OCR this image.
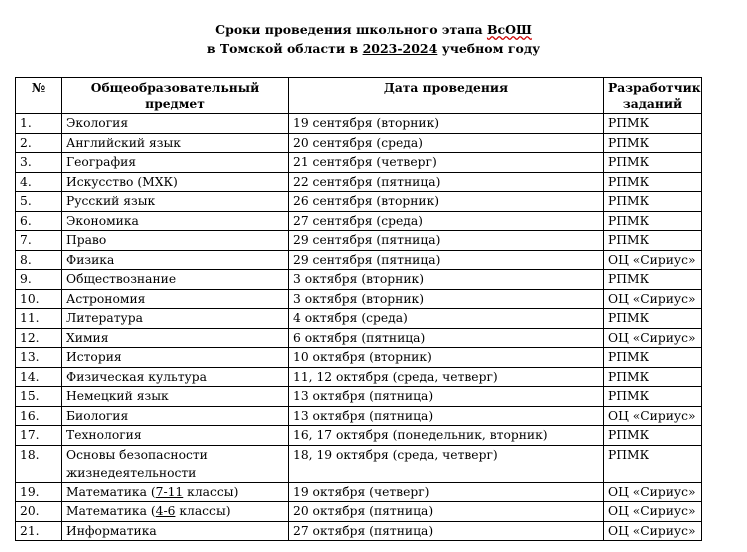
Сроки проведения школьного этапа ВсОШ
в Томской области в 2023-2024 учебном году
№	Общеобразовательный предмет	Дата проведения	Разработчик заданий
1.	Экология	19 сентября (вторник)	РПМК
2.	Английский язык	20 сентября (среда)	РПМК
3.	География	21 сентября (четверг)	РПМК
4.	Искусство (МХК)	22 сентября (пятница)	РПМК
5.	Русский язык	26 сентября (вторник)	РПМК
6.	Экономика	27 сентября (среда)	РПМК
7.	Право	29 сентября (пятница)	РПМК
8.	Физика	29 сентября (пятница)	ОЦ «Сириус»
9.	Обществознание	3 октября (вторник)	РПМК
10.	Астрономия	3 октября (вторник)	ОЦ «Сириус»
11.	Литература	4 октября (среда)	РПМК
12.	Химия	6 октября (пятница)	ОЦ «Сириус»
13.	История	10 октября (вторник)	РПМК
14.	Физическая культура	11, 12 октября (среда, четверг)	РПМК
15.	Немецкий язык	13 октября (пятница)	РПМК
16.	Биология	13 октября (пятница)	ОЦ «Сириус»
17.	Технология	16, 17 октября (понедельник, вторник)	РПМК
18.	Основы безопасности жизнедеятельности	18, 19 октября (среда, четверг)	РПМК
19.	Математика (7-11 классы)	19 октября (четверг)	ОЦ «Сириус»
20.	Математика (4-6 классы)	20 октября (пятница)	ОЦ «Сириус»
21.	Информатика	27 октября (пятница)	ОЦ «Сириус»
